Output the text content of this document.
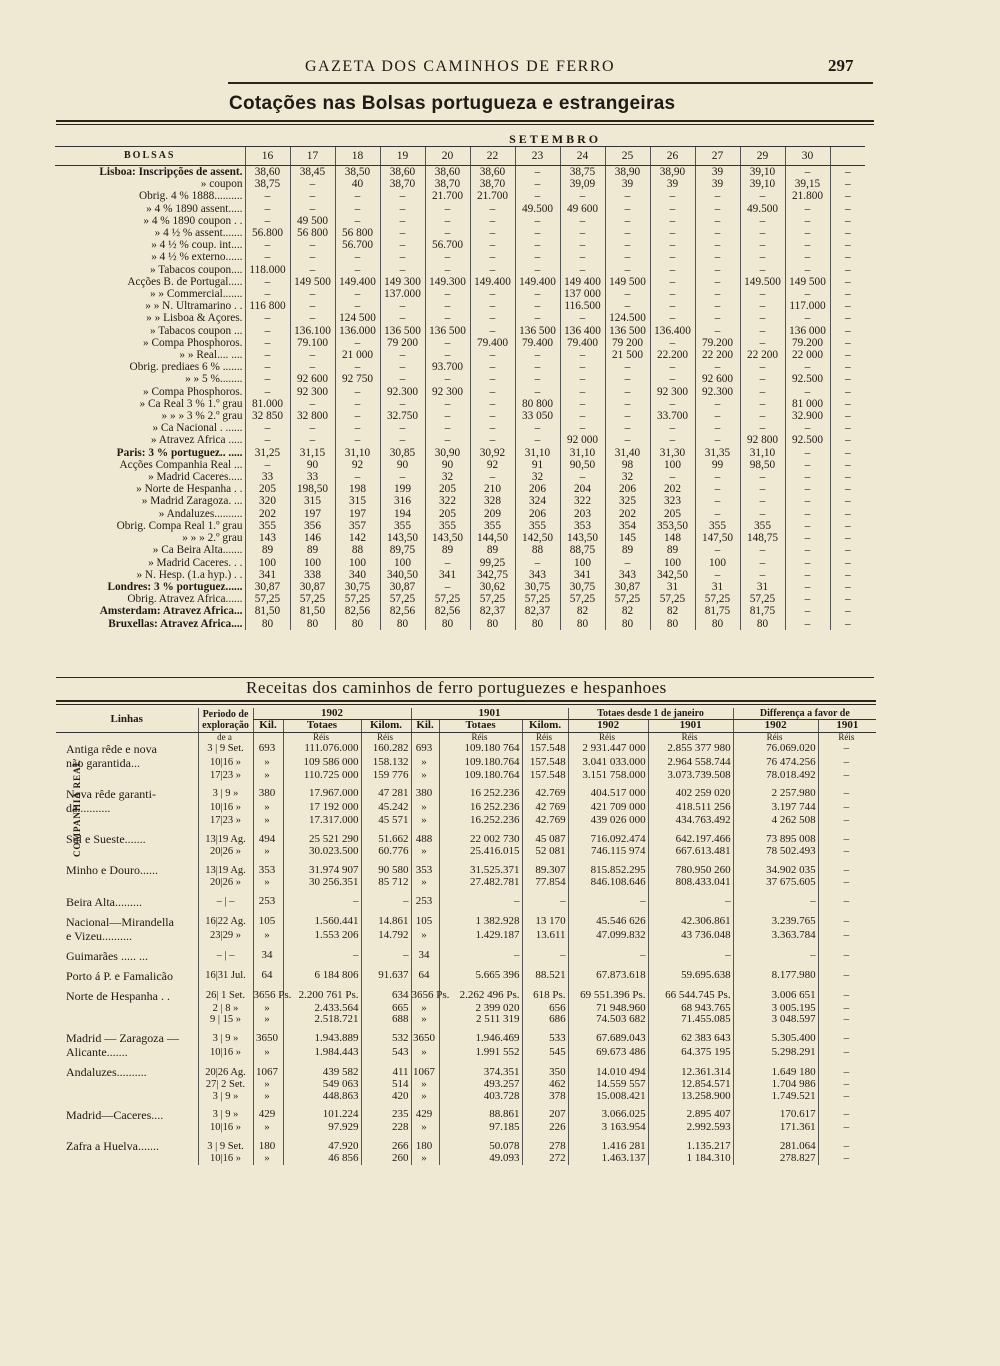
GAZETA DOS CAMINHOS DE FERRO	297
Cotações nas Bolsas portugueza e estrangeiras
	SETEMBRO													
BOLSAS	16	17	18	19	20	22	23	24	25	26	27	29	30	
Lisboa: Inscripções de assent.	38,60	38,45	38,50	38,60	38,60	38,60	–	38,75	38,90	38,90	39	39,10	–	–
» coupon	38,75	–	40	38,70	38,70	38,70	–	39,09	39	39	39	39,10	39,15	–
Obrig. 4 % 1888..........	–	–	–	–	21.700	21.700	–	–	–	–	–	–	21.800	–
» 4 % 1890 assent.....	–	–	–	–	–	–	49.500	49 600	–	–	–	49.500	–	–
» 4 % 1890 coupon . .	–	49 500	–	–	–	–	–	–	–	–	–	–	–	–
» 4 ½ % assent.......	56.800	56 800	56 800	–	–	–	–	–	–	–	–	–	–	–
» 4 ½ % coup. int....	–	–	56.700	–	56.700	–	–	–	–	–	–	–	–	–
» 4 ½ % externo......	–	–	–	–	–	–	–	–	–	–	–	–	–	–
» Tabacos coupon....	118.000	–	–	–	–	–	–	–	–	–	–	–	–	–
Acções B. de Portugal.....	–	149 500	149.400	149 300	149.300	149.400	149.400	149 400	149 500	–	–	149.500	149 500	–
» » Commercial.......	–	–	–	137.000	–	–	–	137 000	–	–	–	–	–	–
» » N. Ultramarino . .	116 800	–	–	–	–	–	–	116.500	–	–	–	–	117.000	–
» » Lisboa & Açores.	–	–	124 500	–	–	–	–	–	124.500	–	–	–	–	–
» Tabacos coupon ...	–	136.100	136.000	136 500	136 500	–	136 500	136 400	136 500	136.400	–	–	136 000	–
» Compa Phosphoros.	–	79.100	–	79 200	–	79.400	79.400	79.400	79 200	–	79.200	–	79.200	–
» » Real.... ....	–	–	21 000	–	–	–	–	–	21 500	22.200	22 200	22 200	22 000	–
Obrig. prediaes 6 % .......	–	–	–	–	93.700	–	–	–	–	–	–	–	–	–
» » 5 %........	–	92 600	92 750	–	–	–	–	–	–	–	92 600	–	92.500	–
» Compa Phosphoros.	–	92 300	–	92.300	92 300	–	–	–	–	92 300	92.300	–	–	–
» Ca Real 3 % 1.º grau	81.000	–	–	–	–	–	80 800	–	–	–	–	–	81 000	–
» » » 3 % 2.º grau	32 850	32 800	–	32.750	–	–	33 050	–	–	33.700	–	–	32.900	–
» Ca Nacional . ......	–	–	–	–	–	–	–	–	–	–	–	–	–	–
» Atravez Africa .....	–	–	–	–	–	–	–	92 000	–	–	–	92 800	92.500	–
Paris: 3 % portuguez.. .....	31,25	31,15	31,10	30,85	30,90	30,92	31,10	31,10	31,40	31,30	31,35	31,10	–	–
Acções Companhia Real ...	–	90	92	90	90	92	91	90,50	98	100	99	98,50	–	–
» Madrid Caceres.....	33	33	–	–	32	–	32	–	32	–	–	–	–	–
» Norte de Hespanha . .	205	198,50	198	199	205	210	206	204	206	202	–	–	–	–
» Madrid Zaragoza. ...	320	315	315	316	322	328	324	322	325	323	–	–	–	–
» Andaluzes..........	202	197	197	194	205	209	206	203	202	205	–	–	–	–
Obrig. Compa Real 1.º grau	355	356	357	355	355	355	355	353	354	353,50	355	355	–	–
» » » 2.º grau	143	146	142	143,50	143,50	144,50	142,50	143,50	145	148	147,50	148,75	–	–
» Ca Beira Alta.......	89	89	88	89,75	89	89	88	88,75	89	89	–	–	–	–
» Madrid Caceres. . .	100	100	100	100	–	99,25	–	100	–	100	100	–	–	–
» N. Hesp. (1.a hyp.) . .	341	338	340	340,50	341	342,75	343	341	343	342,50	–	–	–	–
Londres: 3 % portuguez......	30,87	30,87	30,75	30,87	–	30,62	30,75	30,75	30,87	31	31	31	–	–
Obrig. Atravez Africa......	57,25	57,25	57,25	57,25	57,25	57,25	57,25	57,25	57,25	57,25	57,25	57,25	–	–
Amsterdam: Atravez Africa...	81,50	81,50	82,56	82,56	82,56	82,37	82,37	82	82	82	81,75	81,75	–	–
Bruxellas: Atravez Africa....	80	80	80	80	80	80	80	80	80	80	80	80	–	–
Receitas dos caminhos de ferro portuguezes e hespanhoes
COMPANHIA REAL
Linhas	Periodo de exploração	1902			1901			Totaes desde 1 de janeiro		Differença a favor de	
		Kil.	Totaes	Kilom.	Kil.	Totaes	Kilom.	1902	1901	1902	1901
	de a		Réis	Réis		Réis	Réis	Réis	Réis	Réis	Réis
Antiga rêde e nova	3 | 9 Set.	693	111.076.000	160.282	693	109.180 764	157.548	2 931.447 000	2.855 377 980	76.069.020	–
não garantida...	10|16 »	»	109 586 000	158.132	»	109.180.764	157.548	3.041 033.000	2.964 558.744	76 474.256	–
	17|23 »	»	110.725 000	159 776	»	109.180.764	157.548	3.151 758.000	3.073.739.508	78.018.492	–

Nova rêde garanti-	3 | 9 »	380	17.967.000	47 281	380	16 252.236	42.769	404.517 000	402 259 020	2 257.980	–
da...........	10|16 »	»	17 192 000	45.242	»	16 252.236	42 769	421 709 000	418.511 256	3.197 744	–
	17|23 »	»	17.317.000	45 571	»	16.252.236	42.769	439 026 000	434.763.492	4 262 508	–

Sul e Sueste.......	13|19 Ag.	494	25 521 290	51.662	488	22 002 730	45 087	716.092.474	642.197.466	73 895 008	–
	20|26 »	»	30.023.500	60.776	»	25.416.015	52 081	746.115 974	667.613.481	78 502.493	–

Minho e Douro......	13|19 Ag.	353	31.974 907	90 580	353	31.525.371	89.307	815.852.295	780.950 260	34.902 035	–
	20|26 »	»	30 256.351	85 712	»	27.482.781	77.854	846.108.646	808.433.041	37 675.605	–

Beira Alta.........	– | –	253	–	–	253	–	–	–	–	–	–

Nacional—Mirandella	16|22 Ag.	105	1.560.441	14.861	105	1 382.928	13 170	45.546 626	42.306.861	3.239.765	–
e Vizeu..........	23|29 »	»	1.553 206	14.792	»	1.429.187	13.611	47.099.832	43 736.048	3.363.784	–

Guimarães ..... ...	– | –	34	–	–	34	–	–	–	–	–	–

Porto á P. e Famalicão	16|31 Jul.	64	6 184 806	91.637	64	5.665 396	88.521	67.873.618	59.695.638	8.177.980	–

Norte de Hespanha . .	26| 1 Set.	3656 Ps.	2.200 761 Ps.	634	3656 Ps.	2.262 496 Ps.	618 Ps.	69 551.396 Ps.	66 544.745 Ps.	3.006 651	–
	2 | 8 »	»	2.433.564	665	»	2 399 020	656	71 948.960	68 943.765	3 005.195	–
	9 | 15 »	»	2.518.721	688	»	2 511 319	686	74.503 682	71.455.085	3 048.597	–

Madrid — Zaragoza —	3 | 9 »	3650	1.943.889	532	3650	1.946.469	533	67.689.043	62 383 643	5.305.400	–
Alicante.......	10|16 »	»	1.984.443	543	»	1.991 552	545	69.673 486	64.375 195	5.298.291	–

Andaluzes..........	20|26 Ag.	1067	439 582	411	1067	374.351	350	14.010 494	12.361.314	1.649 180	–
	27| 2 Set.	»	549 063	514	»	493.257	462	14.559 557	12.854.571	1.704 986	–
	3 | 9 »	»	448.863	420	»	403.728	378	15.008.421	13.258.900	1.749.521	–

Madrid—Caceres....	3 | 9 »	429	101.224	235	429	88.861	207	3.066.025	2.895 407	170.617	–
	10|16 »	»	97.929	228	»	97.185	226	3 163.954	2.992.593	171.361	–

Zafra a Huelva.......	3 | 9 Set.	180	47.920	266	180	50.078	278	1.416 281	1.135.217	281.064	–
	10|16 »	»	46 856	260	»	49.093	272	1.463.137	1 184.310	278.827	–
